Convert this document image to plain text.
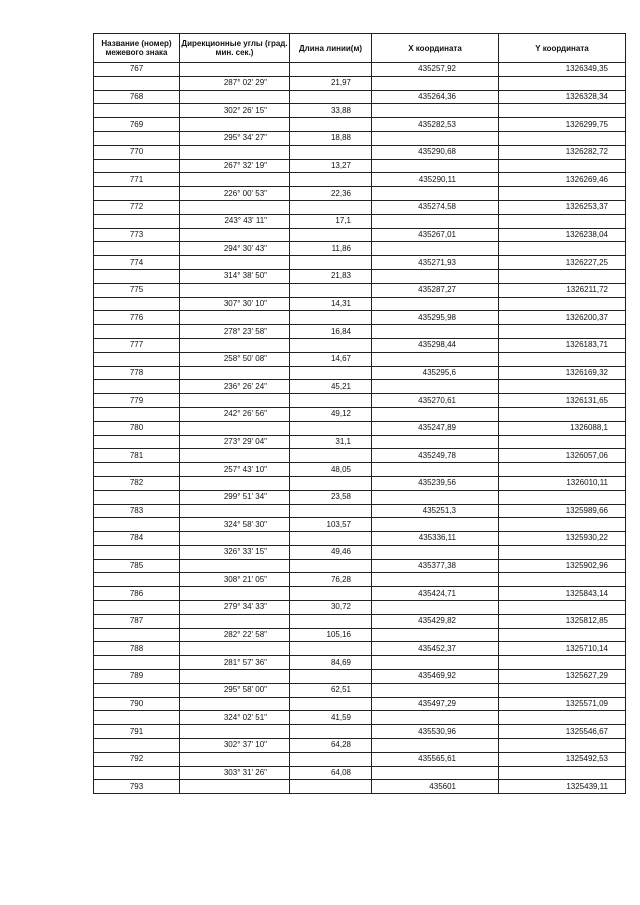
Название (номер) межевого знака	Дирекционные углы (град. мин. сек.)	Длина линии(м)	X координата	Y координата
767			435257,92	1326349,35
	287° 02' 29"	21,97		
768			435264,36	1326328,34
	302° 26' 15"	33,88		
769			435282,53	1326299,75
	295° 34' 27"	18,88		
770			435290,68	1326282,72
	267° 32' 19"	13,27		
771			435290,11	1326269,46
	226° 00' 53"	22,36		
772			435274,58	1326253,37
	243° 43' 11"	17,1		
773			435267,01	1326238,04
	294° 30' 43"	11,86		
774			435271,93	1326227,25
	314° 38' 50"	21,83		
775			435287,27	1326211,72
	307° 30' 10"	14,31		
776			435295,98	1326200,37
	278° 23' 58"	16,84		
777			435298,44	1326183,71
	258° 50' 08"	14,67		
778			435295,6	1326169,32
	236° 26' 24"	45,21		
779			435270,61	1326131,65
	242° 26' 56"	49,12		
780			435247,89	1326088,1
	273° 29' 04"	31,1		
781			435249,78	1326057,06
	257° 43' 10"	48,05		
782			435239,56	1326010,11
	299° 51' 34"	23,58		
783			435251,3	1325989,66
	324° 58' 30"	103,57		
784			435336,11	1325930,22
	326° 33' 15"	49,46		
785			435377,38	1325902,96
	308° 21' 05"	76,28		
786			435424,71	1325843,14
	279° 34' 33"	30,72		
787			435429,82	1325812,85
	282° 22' 58"	105,16		
788			435452,37	1325710,14
	281° 57' 36"	84,69		
789			435469,92	1325627,29
	295° 58' 00"	62,51		
790			435497,29	1325571,09
	324° 02' 51"	41,59		
791			435530,96	1325546,67
	302° 37' 10"	64,28		
792			435565,61	1325492,53
	303° 31' 26"	64,08		
793			435601	1325439,11
